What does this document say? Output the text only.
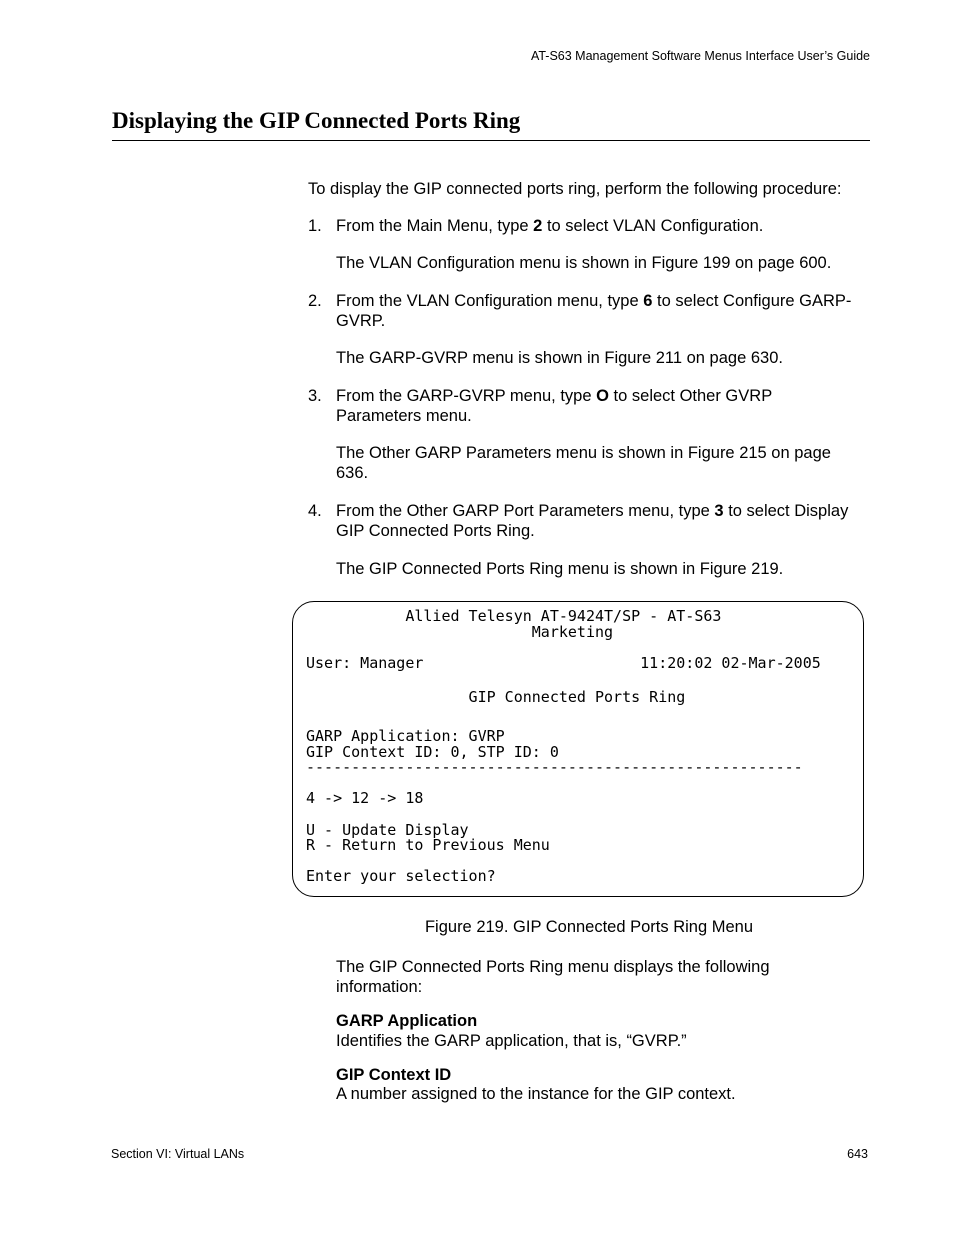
AT-S63 Management Software Menus Interface User’s Guide
Displaying the GIP Connected Ports Ring
To display the GIP connected ports ring, perform the following procedure:
1. From the Main Menu, type 2 to select VLAN Configuration.
The VLAN Configuration menu is shown in Figure 199 on page 600.
2. From the VLAN Configuration menu, type 6 to select Configure GARP-GVRP.
The GARP-GVRP menu is shown in Figure 211 on page 630.
3. From the GARP-GVRP menu, type O to select Other GVRP Parameters menu.
The Other GARP Parameters menu is shown in Figure 215 on page 636.
4. From the Other GARP Port Parameters menu, type 3 to select Display GIP Connected Ports Ring.
The GIP Connected Ports Ring menu is shown in Figure 219.
Allied Telesyn AT-9424T/SP - AT-S63
Marketing
User: Manager                        11:20:02 02-Mar-2005
GIP Connected Ports Ring
GARP Application: GVRP
GIP Context ID: 0, STP ID: 0
-------------------------------------------------------
4 -> 12 -> 18
U - Update Display
R - Return to Previous Menu
Enter your selection?
Figure 219. GIP Connected Ports Ring Menu
The GIP Connected Ports Ring menu displays the following information:
GARP Application
Identifies the GARP application, that is, “GVRP.”
GIP Context ID
A number assigned to the instance for the GIP context.
Section VI: Virtual LANs	643
